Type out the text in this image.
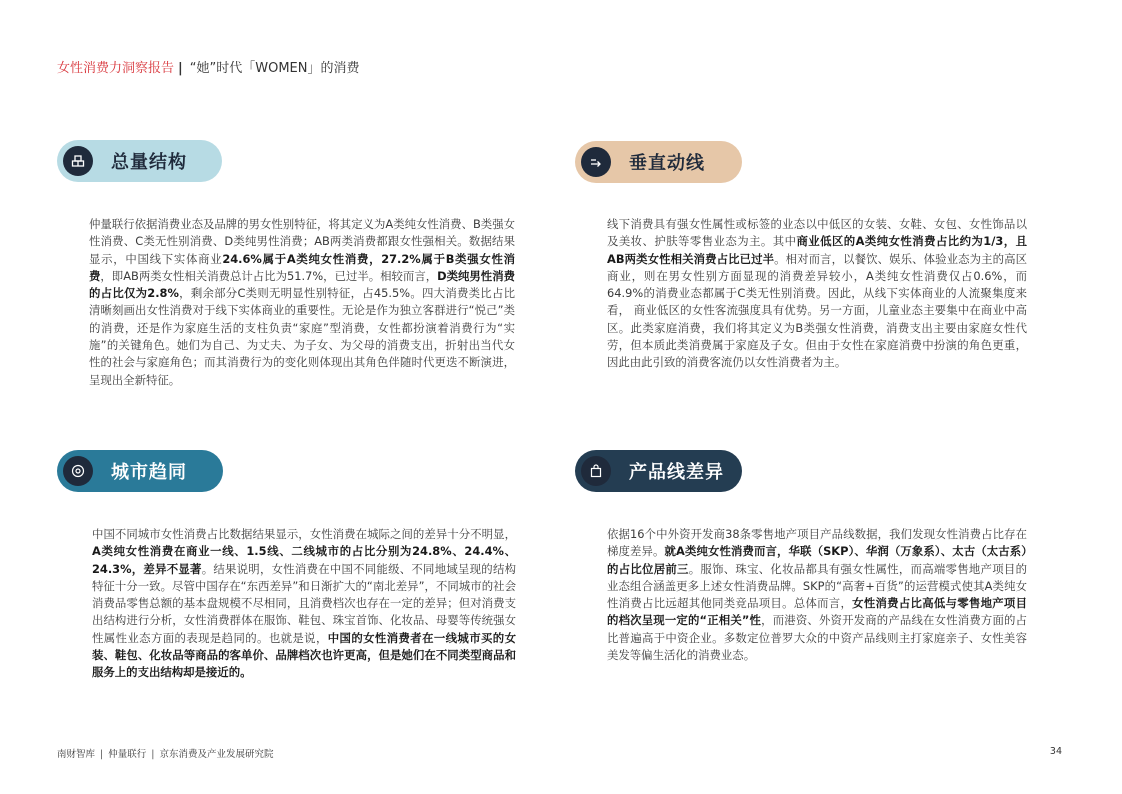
女性消费力洞察报告 | “她”时代「WOMEN」的消费
总量结构
仲量联行依据消费业态及品牌的男女性别特征，将其定义为A类纯女性消费、B类强女性消费、C类无性别消费、D类纯男性消费；AB两类消费都跟女性强相关。数据结果显示，中国线下实体商业24.6%属于A类纯女性消费，27.2%属于B类强女性消费，即AB两类女性相关消费总计占比为51.7%，已过半。相较而言，D类纯男性消费的占比仅为2.8%，剩余部分C类则无明显性别特征，占45.5%。四大消费类比占比清晰刻画出女性消费对于线下实体商业的重要性。无论是作为独立客群进行“悦己”类的消费，还是作为家庭生活的支柱负责“家庭”型消费，女性都扮演着消费行为“实施”的关键角色。她们为自己、为丈夫、为子女、为父母的消费支出，折射出当代女性的社会与家庭角色；而其消费行为的变化则体现出其角色伴随时代更迭不断演进，呈现出全新特征。
垂直动线
线下消费具有强女性属性或标签的业态以中低区的女装、女鞋、女包、女性饰品以及美妆、护肤等零售业态为主。其中商业低区的A类纯女性消费占比约为1/3，且AB两类女性相关消费占比已过半。相对而言，以餐饮、娱乐、体验业态为主的高区商业，则在男女性别方面显现的消费差异较小，A类纯女性消费仅占0.6%，而64.9%的消费业态都属于C类无性别消费。因此，从线下实体商业的人流聚集度来看， 商业低区的女性客流强度具有优势。另一方面，儿童业态主要集中在商业中高区。此类家庭消费，我们将其定义为B类强女性消费，消费支出主要由家庭女性代劳，但本质此类消费属于家庭及子女。但由于女性在家庭消费中扮演的角色更重，因此由此引致的消费客流仍以女性消费者为主。
城市趋同
中国不同城市女性消费占比数据结果显示，女性消费在城际之间的差异十分不明显，A类纯女性消费在商业一线、1.5线、二线城市的占比分别为24.8%、24.4%、24.3%，差异不显著。结果说明，女性消费在中国不同能级、不同地域呈现的结构特征十分一致。尽管中国存在“东西差异”和日渐扩大的“南北差异”，不同城市的社会消费品零售总额的基本盘规模不尽相同，且消费档次也存在一定的差异；但对消费支出结构进行分析，女性消费群体在服饰、鞋包、珠宝首饰、化妆品、母婴等传统强女性属性业态方面的表现是趋同的。也就是说，中国的女性消费者在一线城市买的女装、鞋包、化妆品等商品的客单价、品牌档次也许更高，但是她们在不同类型商品和服务上的支出结构却是接近的。
产品线差异
依据16个中外资开发商38条零售地产项目产品线数据，我们发现女性消费占比存在梯度差异。就A类纯女性消费而言，华联（SKP）、华润（万象系）、太古（太古系）的占比位居前三。服饰、珠宝、化妆品都具有强女性属性，而高端零售地产项目的业态组合涵盖更多上述女性消费品牌。SKP的“高奢+百货”的运营模式使其A类纯女性消费占比远超其他同类竞品项目。总体而言，女性消费占比高低与零售地产项目的档次呈现一定的“正相关”性，而港资、外资开发商的产品线在女性消费方面的占比普遍高于中资企业。多数定位普罗大众的中资产品线则主打家庭亲子、女性美容美发等偏生活化的消费业态。
南财智库 | 仲量联行 | 京东消费及产业发展研究院	34
